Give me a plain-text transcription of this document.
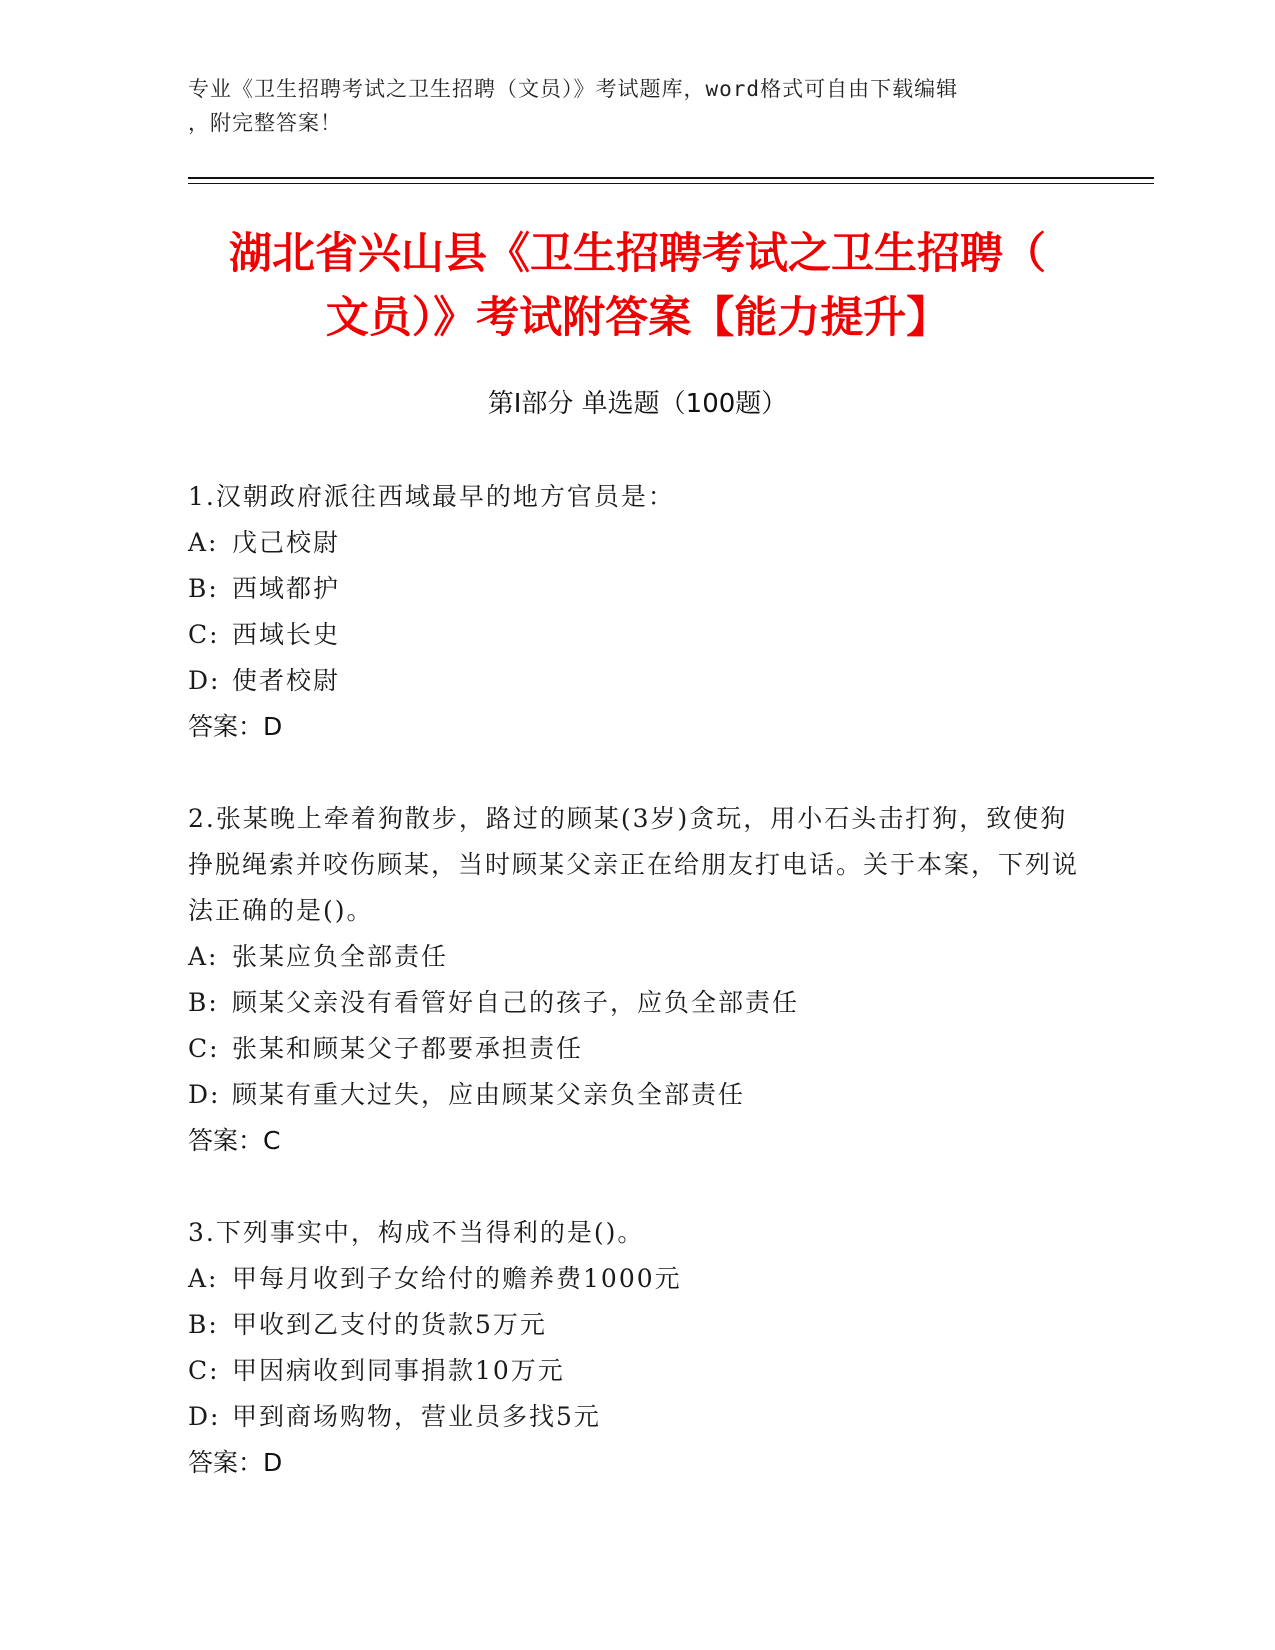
专业《卫生招聘考试之卫生招聘（文员）》考试题库，word格式可自由下载编辑
，附完整答案！
湖北省兴山县《卫生招聘考试之卫生招聘（
文员）》考试附答案【能力提升】
第Ⅰ部分 单选题（100题）
1.汉朝政府派往西域最早的地方官员是：
A: 戊己校尉
B: 西域都护
C: 西域长史
D: 使者校尉
答案：D
2.张某晚上牵着狗散步，路过的顾某(3岁)贪玩，用小石头击打狗，致使狗挣脱绳索并咬伤顾某，当时顾某父亲正在给朋友打电话。关于本案，下列说法正确的是()。
A: 张某应负全部责任
B: 顾某父亲没有看管好自己的孩子，应负全部责任
C: 张某和顾某父子都要承担责任
D: 顾某有重大过失，应由顾某父亲负全部责任
答案：C
3.下列事实中，构成不当得利的是()。
A: 甲每月收到子女给付的赡养费1000元
B: 甲收到乙支付的货款5万元
C: 甲因病收到同事捐款10万元
D: 甲到商场购物，营业员多找5元
答案：D
